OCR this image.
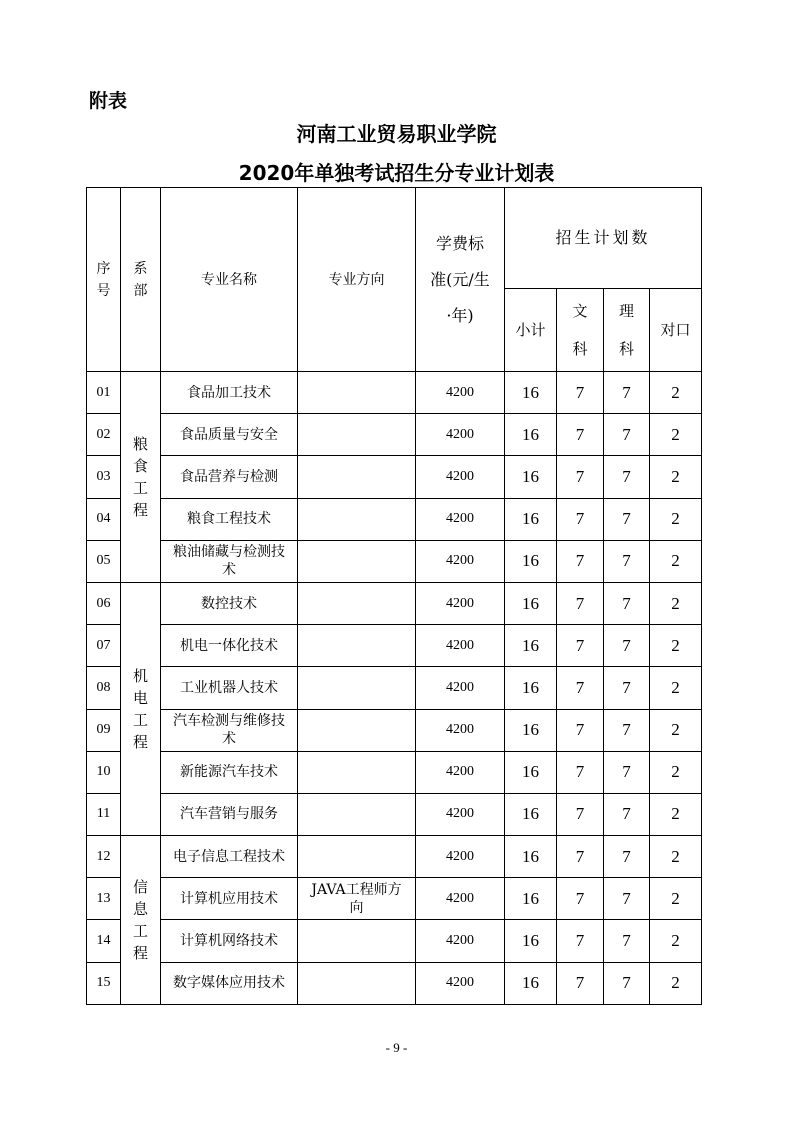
附表
河南工业贸易职业学院
2020年单独考试招生分专业计划表
序号	系部	专业名称	专业方向	学费标准(元/生·年)	招生计划数			
					小计	文科	理科	对口
01	粮食工程	食品加工技术		4200	16	7	7	2
02		食品质量与安全		4200	16	7	7	2
03		食品营养与检测		4200	16	7	7	2
04		粮食工程技术		4200	16	7	7	2
05		粮油储藏与检测技术		4200	16	7	7	2
06	机电工程	数控技术		4200	16	7	7	2
07		机电一体化技术		4200	16	7	7	2
08		工业机器人技术		4200	16	7	7	2
09		汽车检测与维修技术		4200	16	7	7	2
10		新能源汽车技术		4200	16	7	7	2
11		汽车营销与服务		4200	16	7	7	2
12	信息工程	电子信息工程技术		4200	16	7	7	2
13		计算机应用技术	JAVA工程师方向	4200	16	7	7	2
14		计算机网络技术		4200	16	7	7	2
15		数字媒体应用技术		4200	16	7	7	2
- 9 -
